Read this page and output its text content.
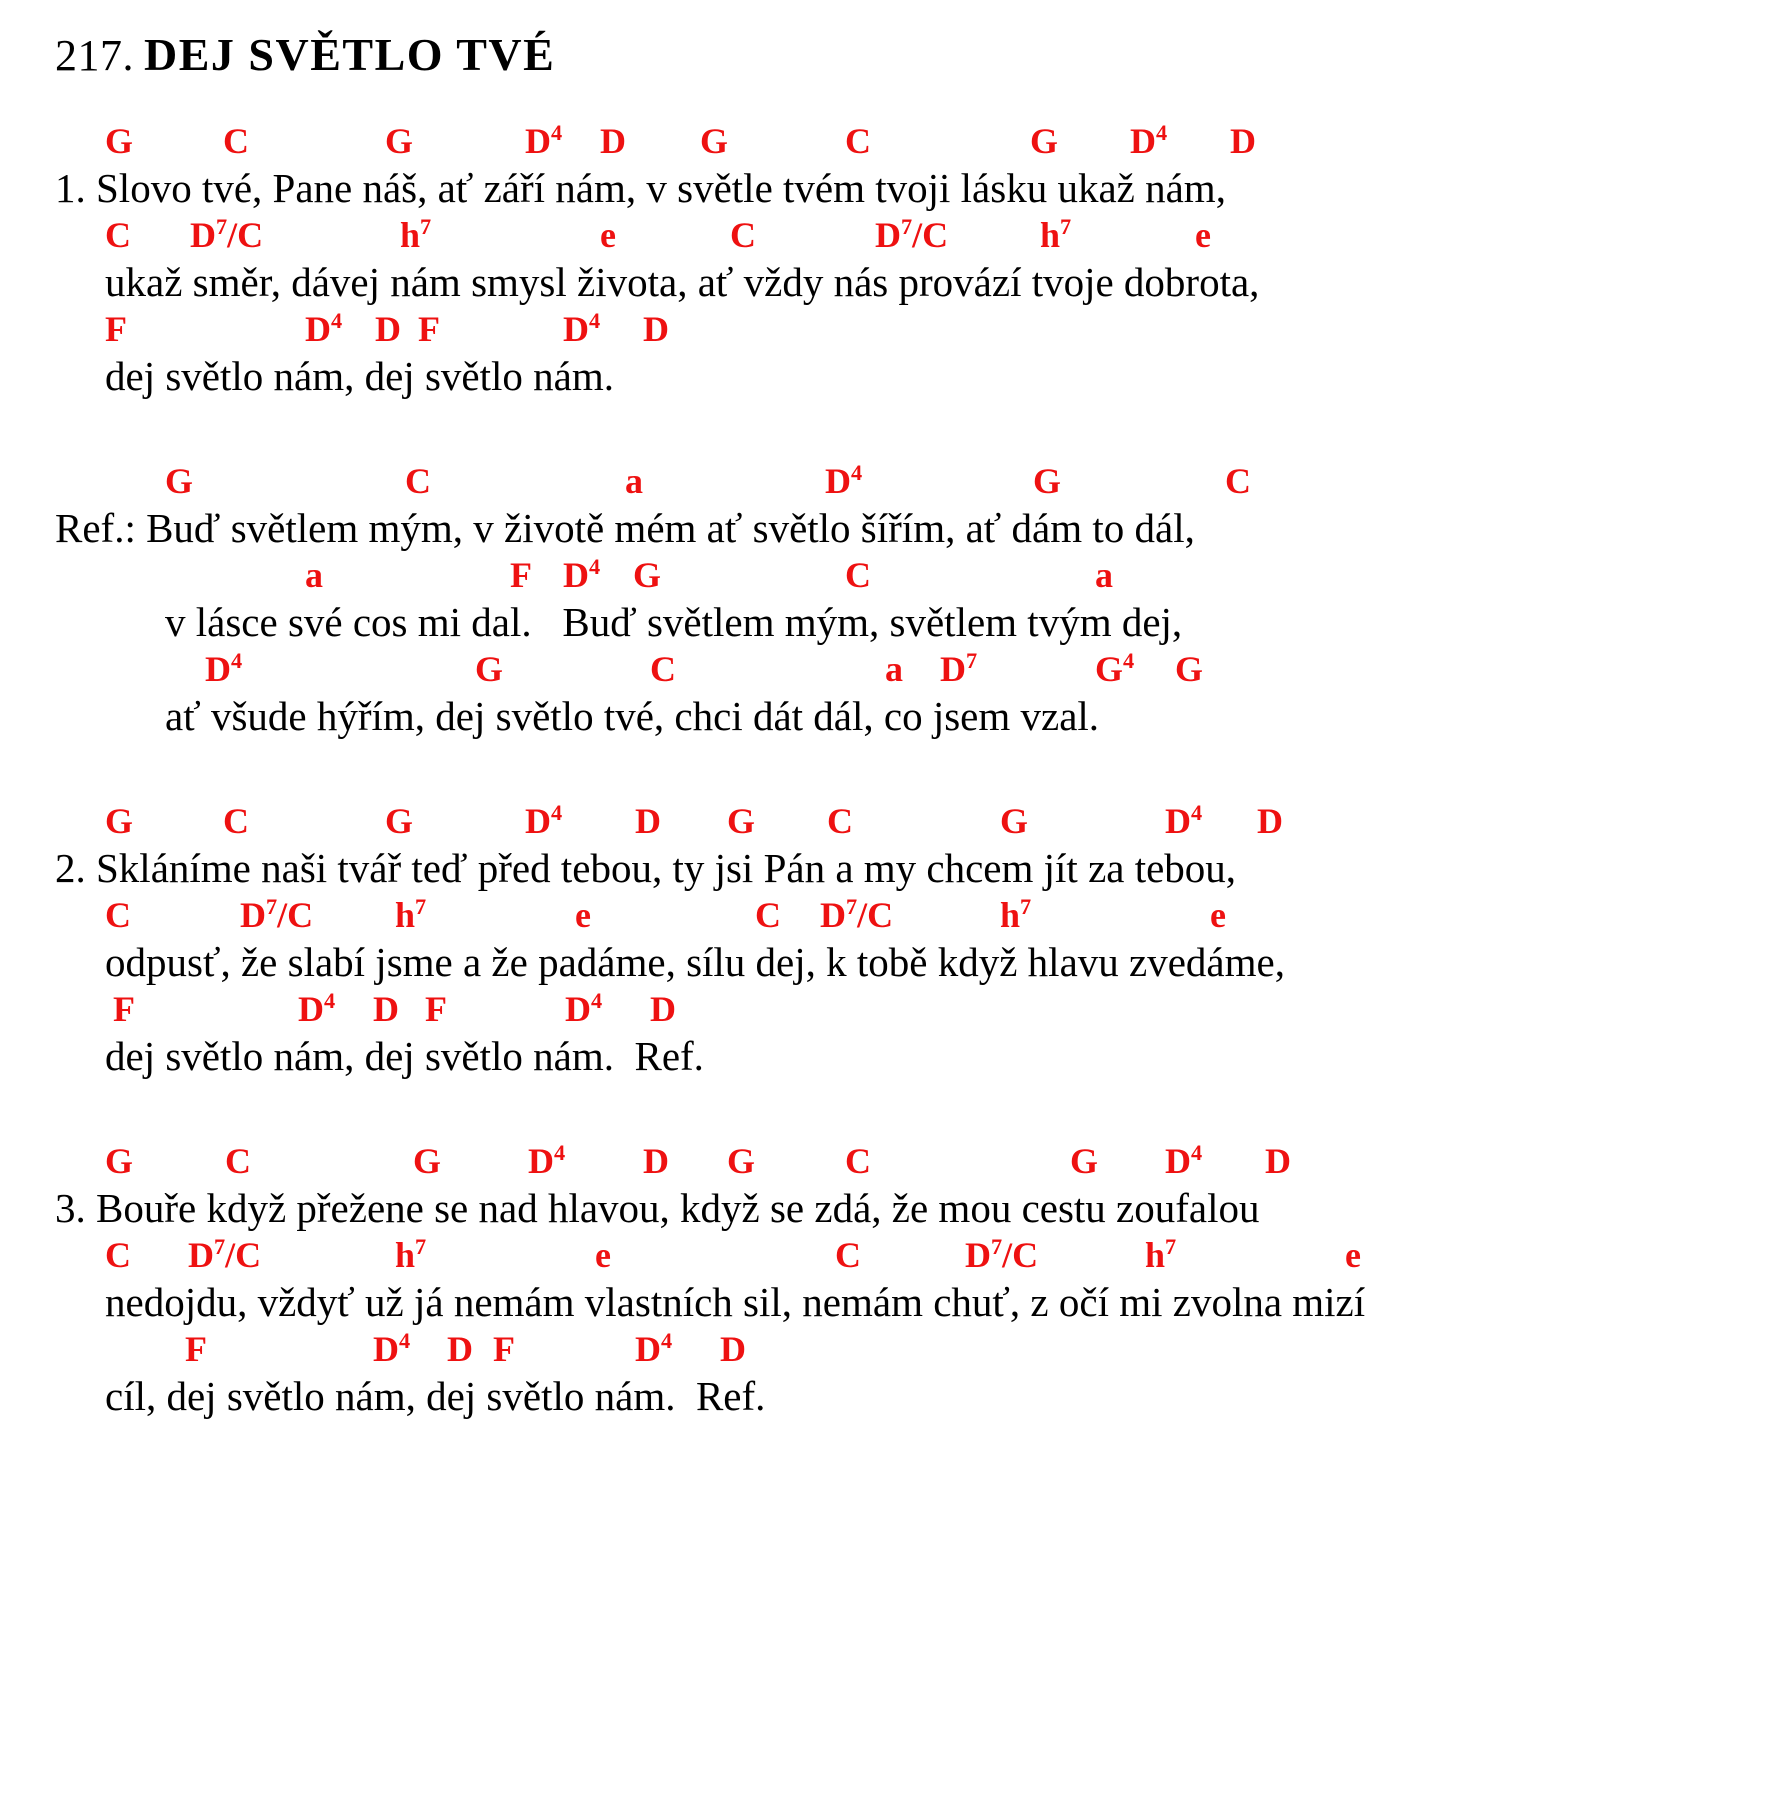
217. DEJ SVĚTLO TVÉ
G C	G	$D^4$ D G	C	G $D^4$ D
1. Slovo tvé, Pane náš, ať září nám, v světle tvém tvoji lásku ukaž nám,
C $D^7/C$	$h^7$	e	C	$D^7/C$	$h^7$	e
ukaž směr, dávej nám smysl života, ať vždy nás provází tvoje dobrota,
F	$D^4$ D F	$D^4$ D
dej světlo nám, dej světlo nám.
G	C	a	$D^4$	G	C
Ref.: Buď světlem mým, v životě mém ať světlo šířím, ať dám to dál,
a	F $D^4$ G	C	a
v lásce své cos mi dal.   Buď světlem mým, světlem tvým dej,
$D^4$	G	C	a $D^7$	$G^4$ G
ať všude hýřím, dej světlo tvé, chci dát dál, co jsem vzal.
G C	G	$D^4$ D G C	G	$D^4$ D
2. Skláníme naši tvář teď před tebou, ty jsi Pán a my chcem jít za tebou,
C	$D^7/C$ $h^7$	e	C $D^7/C$	$h^7$	e
odpusť, že slabí jsme a že padáme, sílu dej, k tobě když hlavu zvedáme,
F	$D^4$ D F	$D^4$ D
dej světlo nám, dej světlo nám.  Ref.
G	C	G $D^4$ D G C	G $D^4$ D
3. Bouře když přežene se nad hlavou, když se zdá, že mou cestu zoufalou
C $D^7/C$	$h^7$	e	C	$D^7/C$	$h^7$	e
nedojdu, vždyť už já nemám vlastních sil, nemám chuť, z očí mi zvolna mizí
F	$D^4$ D F	$D^4$ D
cíl, dej světlo nám, dej světlo nám.  Ref.
